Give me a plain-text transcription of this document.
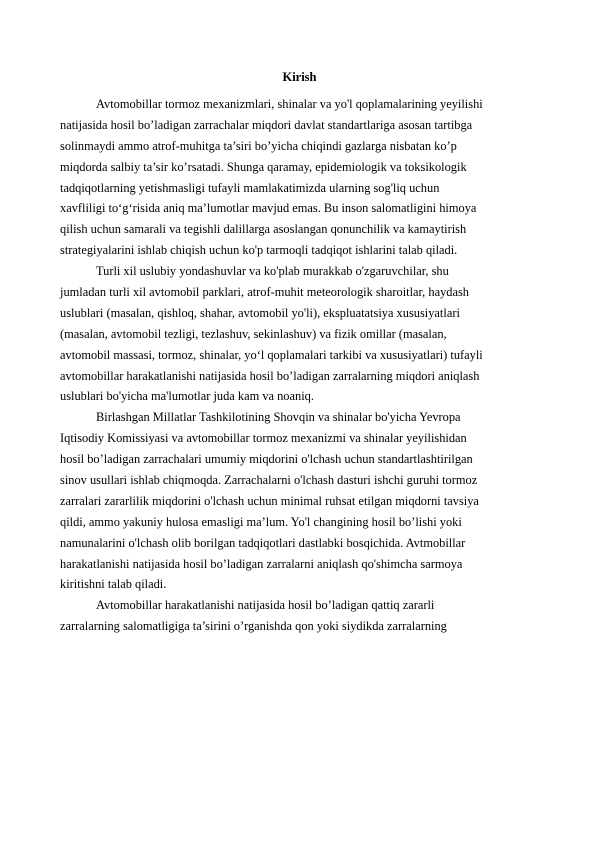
Kirish
Avtomobillar tormoz mexanizmlari, shinalar va yo'l qoplamalarining yeyilishi
natijasida hosil bo’ladigan zarrachalar miqdori davlat standartlariga asosan tartibga
solinmaydi ammo atrof-muhitga ta’siri bo’yicha chiqindi gazlarga nisbatan ko’p
miqdorda salbiy ta’sir ko’rsatadi. Shunga qaramay, epidemiologik va toksikologik
tadqiqotlarning yetishmasligi tufayli mamlakatimizda ularning sog'liq uchun
xavfliligi to‘g‘risida aniq ma’lumotlar mavjud emas. Bu inson salomatligini himoya
qilish uchun samarali va tegishli dalillarga asoslangan qonunchilik va kamaytirish
strategiyalarini ishlab chiqish uchun ko'p tarmoqli tadqiqot ishlarini talab qiladi.
Turli xil uslubiy yondashuvlar va ko'plab murakkab o'zgaruvchilar, shu
jumladan turli xil avtomobil parklari, atrof-muhit meteorologik sharoitlar, haydash
uslublari (masalan, qishloq, shahar, avtomobil yo'li), ekspluatatsiya xususiyatlari
(masalan, avtomobil tezligi, tezlashuv, sekinlashuv) va fizik omillar (masalan,
avtomobil massasi, tormoz, shinalar, yo‘l qoplamalari tarkibi va xususiyatlari) tufayli
avtomobillar harakatlanishi natijasida hosil bo’ladigan zarralarning miqdori aniqlash
uslublari bo'yicha ma'lumotlar juda kam va noaniq.
Birlashgan Millatlar Tashkilotining Shovqin va shinalar bo'yicha Yevropa
Iqtisodiy Komissiyasi va avtomobillar tormoz mexanizmi va shinalar yeyilishidan
hosil bo’ladigan zarrachalari umumiy miqdorini o'lchash uchun standartlashtirilgan
sinov usullari ishlab chiqmoqda. Zarrachalarni o'lchash dasturi ishchi guruhi tormoz
zarralari zararlilik miqdorini o'lchash uchun minimal ruhsat etilgan miqdorni tavsiya
qildi, ammo yakuniy hulosa emasligi ma’lum. Yo'l changining hosil bo’lishi yoki
namunalarini o'lchash olib borilgan tadqiqotlari dastlabki bosqichida. Avtmobillar
harakatlanishi natijasida hosil bo’ladigan zarralarni aniqlash qo'shimcha sarmoya
kiritishni talab qiladi.
Avtomobillar harakatlanishi natijasida hosil bo’ladigan qattiq zararli
zarralarning salomatligiga ta’sirini o’rganishda qon yoki siydikda zarralarning
